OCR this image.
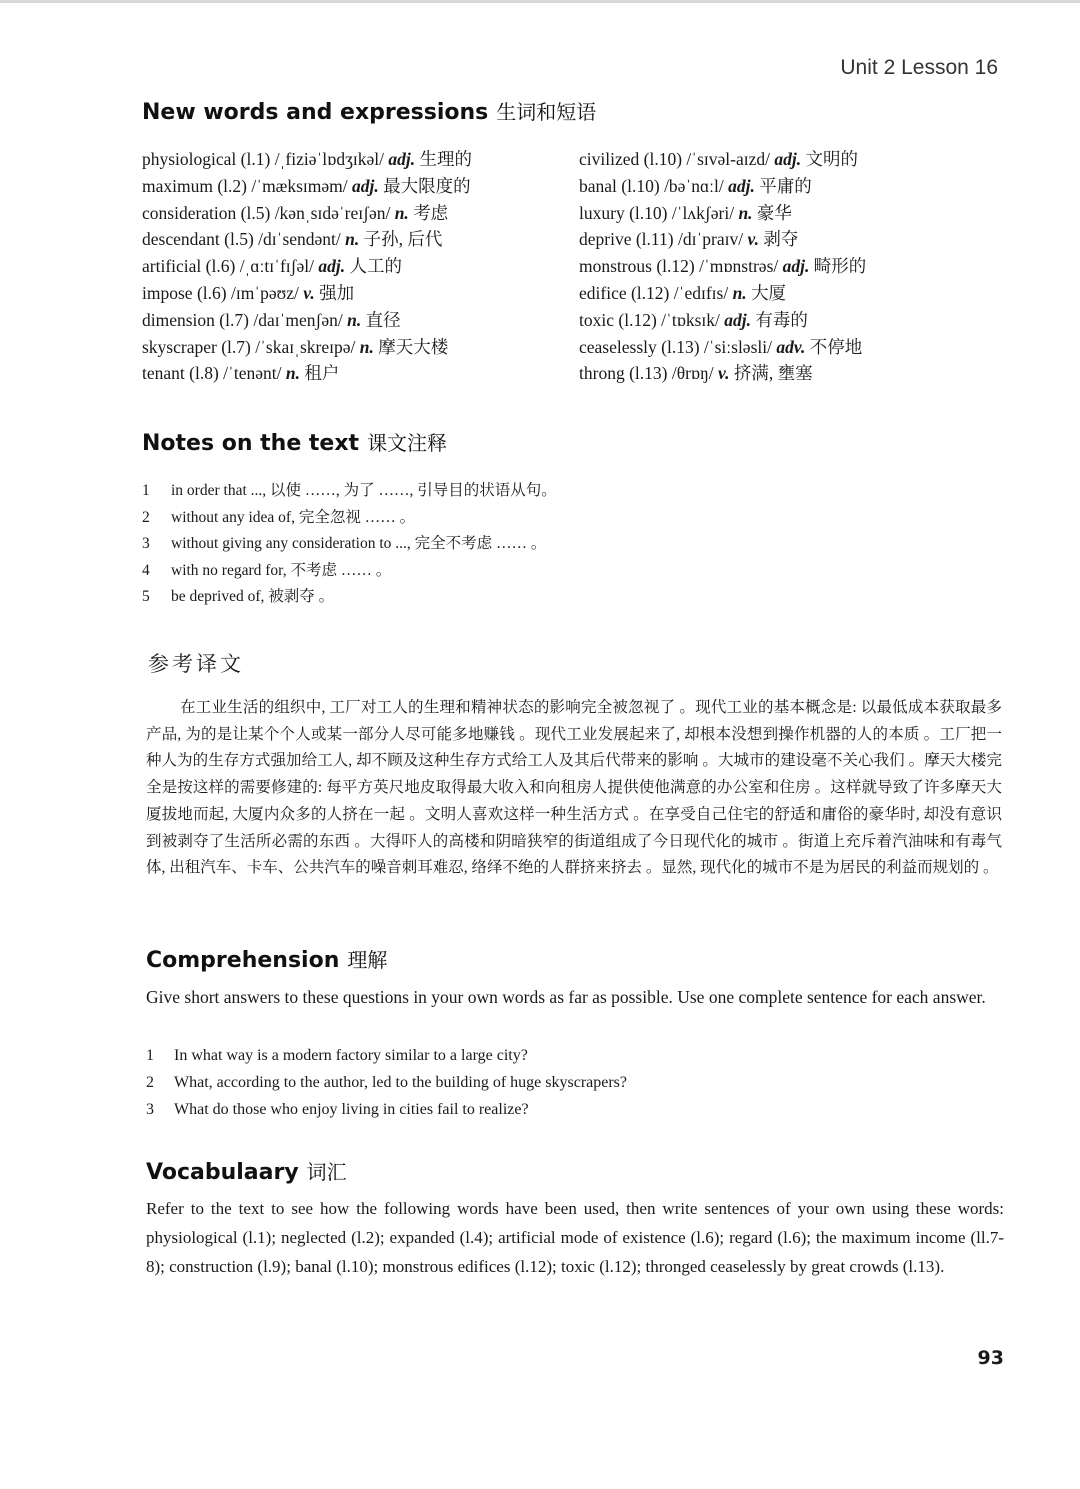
Unit 2 Lesson 16
New words and expressions 生词和短语
physiological (l.1) /ˌfiziəˈlɒdʒɪkəl/ adj. 生理的
maximum (l.2) /ˈmæksɪməm/ adj. 最大限度的
consideration (l.5) /kənˌsɪdəˈreɪʃən/ n. 考虑
descendant (l.5) /dɪˈsendənt/ n. 子孙, 后代
artificial (l.6) /ˌɑːtɪˈfɪʃəl/ adj. 人工的
impose (l.6) /ɪmˈpəʊz/ v. 强加
dimension (l.7) /daɪˈmenʃən/ n. 直径
skyscraper (l.7) /ˈskaɪˌskreɪpə/ n. 摩天大楼
tenant (l.8) /ˈtenənt/ n. 租户
civilized (l.10) /ˈsɪvəl-aɪzd/ adj. 文明的
banal (l.10) /bəˈnɑːl/ adj. 平庸的
luxury (l.10) /ˈlʌkʃəri/ n. 豪华
deprive (l.11) /dɪˈpraɪv/ v. 剥夺
monstrous (l.12) /ˈmɒnstrəs/ adj. 畸形的
edifice (l.12) /ˈedɪfɪs/ n. 大厦
toxic (l.12) /ˈtɒksɪk/ adj. 有毒的
ceaselessly (l.13) /ˈsiːsləsli/ adv. 不停地
throng (l.13) /θrɒŋ/ v. 挤满, 壅塞
Notes on the text 课文注释
1 in order that ..., 以使 ……, 为了 ……, 引导目的状语从句。
2 without any idea of, 完全忽视 …… 。
3 without giving any consideration to ..., 完全不考虑 …… 。
4 with no regard for, 不考虑 …… 。
5 be deprived of, 被剥夺 。
参考译文
在工业生活的组织中, 工厂对工人的生理和精神状态的影响完全被忽视了 。现代工业的基本概念是: 以最低成本获取最多产品, 为的是让某个个人或某一部分人尽可能多地赚钱 。现代工业发展起来了, 却根本没想到操作机器的人的本质 。工厂把一种人为的生存方式强加给工人, 却不顾及这种生存方式给工人及其后代带来的影响 。大城市的建设毫不关心我们 。摩天大楼完全是按这样的需要修建的: 每平方英尺地皮取得最大收入和向租房人提供使他满意的办公室和住房 。这样就导致了许多摩天大厦拔地而起, 大厦内众多的人挤在一起 。文明人喜欢这样一种生活方式 。在享受自己住宅的舒适和庸俗的豪华时, 却没有意识到被剥夺了生活所必需的东西 。大得吓人的高楼和阴暗狭窄的街道组成了今日现代化的城市 。街道上充斥着汽油味和有毒气体, 出租汽车、卡车、公共汽车的噪音刺耳难忍, 络绎不绝的人群挤来挤去 。显然, 现代化的城市不是为居民的利益而规划的 。
Comprehension 理解
Give short answers to these questions in your own words as far as possible. Use one complete sentence for each answer.
1 In what way is a modern factory similar to a large city?
2 What, according to the author, led to the building of huge skyscrapers?
3 What do those who enjoy living in cities fail to realize?
Vocabulaary 词汇
Refer to the text to see how the following words have been used, then write sentences of your own using these words: physiological (l.1); neglected (l.2); expanded (l.4); artificial mode of existence (l.6); regard (l.6); the maximum income (ll.7-8); construction (l.9); banal (l.10); monstrous edifices (l.12); toxic (l.12); thronged ceaselessly by great crowds (l.13).
93
